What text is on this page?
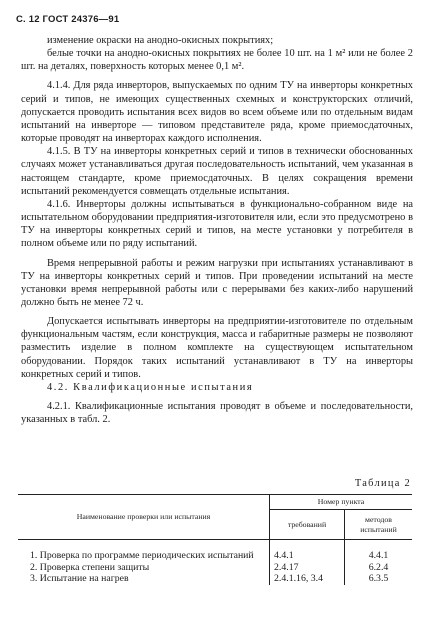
С. 12 ГОСТ 24376—91

изменение окраски на анодно-окисных покрытиях;

белые точки на анодно-окисных покрытиях не более 10 шт. на 1 м² или не более 2 шт. на деталях, поверхность которых менее 0,1 м².

4.1.4. Для ряда инверторов, выпускаемых по одним ТУ на инверторы конкретных серий и типов, не имеющих существенных схемных и конструкторских отличий, допускается проводить испытания всех видов во всем объеме или по отдельным видам испытаний на инверторе — типовом представителе ряда, кроме приемосдаточных, которые проводят на инверторах каждого исполнения.

4.1.5. В ТУ на инверторы конкретных серий и типов в технически обоснованных случаях может устанавливаться другая последовательность испытаний, чем указанная в настоящем стандарте, кроме приемосдаточных. В целях сокращения времени испытаний рекомендуется совмещать отдельные испытания.

4.1.6. Инверторы должны испытываться в функционально-собранном виде на испытательном оборудовании предприятия-изготовителя или, если это предусмотрено в ТУ на инверторы конкретных серий и типов, на месте установки у потребителя в полном объеме или по ряду испытаний.

Время непрерывной работы и режим нагрузки при испытаниях устанавливают в ТУ на инверторы конкретных серий и типов. При проведении испытаний на месте установки время непрерывной работы или с перерывами без каких-либо нарушений должно быть не менее 72 ч.

Допускается испытывать инверторы на предприятии-изготовителе по отдельным функциональным частям, если конструкция, масса и габаритные размеры не позволяют разместить изделие в полном комплекте на существующем испытательном оборудовании. Порядок таких испытаний устанавливают в ТУ на инверторы конкретных серий и типов.

4.2. Квалификационные испытания

4.2.1. Квалификационные испытания проводят в объеме и последовательности, указанных в табл. 2.

Таблица 2
Наименование проверки или испытания	Номер пункта	
	требований	методов испытаний
1. Проверка по программе периодических испытаний	4.4.1	4.4.1
2. Проверка степени защиты	2.4.17	6.2.4
3. Испытание на нагрев	2.4.1.16, 3.4	6.3.5
